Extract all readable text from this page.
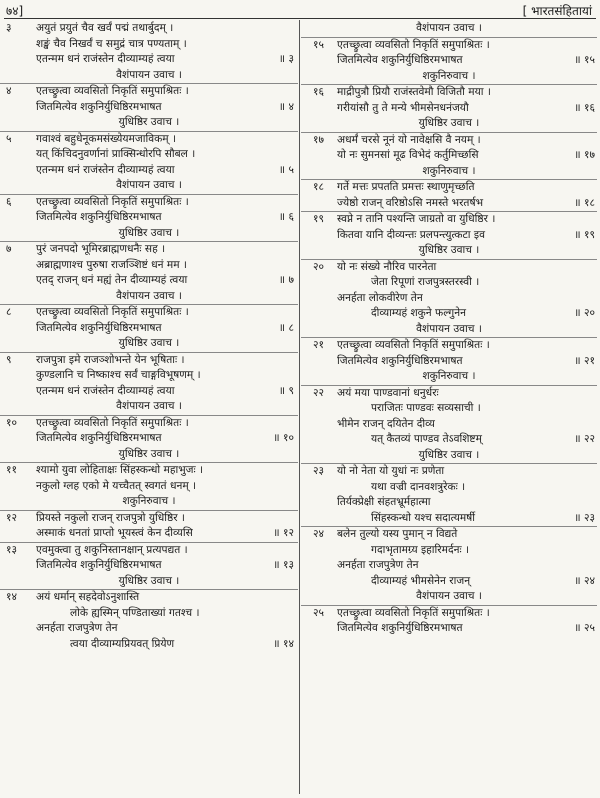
७४]	[ भारतसंहितायां
३ अयुतं प्रयुतं चैव खर्वं पद्मं तथार्बुदम् ।
शङ्खं चैव निखर्वं च समुद्रं चात्र पण्यताम् ।
एतन्मम धनं राजंस्तेन दीव्याम्यहं त्वया	॥ ३
वैशंपायन उवाच ।
४ एतच्छ्रुत्वा व्यवसितो निकृतिं समुपाश्रितः ।
जितमित्येव शकुनिर्युधिष्ठिरमभाषत	॥ ४
युधिष्ठिर उवाच ।
५ गवाश्वं बहुधेनूकमसंख्येयमजाविकम् ।
यत् किंचिदनुवर्णानां प्राक्सिन्धोरपि सौबल ।
एतन्मम धनं राजंस्तेन दीव्याम्यहं त्वया	॥ ५
वैशंपायन उवाच ।
६ एतच्छ्रुत्वा व्यवसितो निकृतिं समुपाश्रितः ।
जितमित्येव शकुनिर्युधिष्ठिरमभाषत	॥ ६
युधिष्ठिर उवाच ।
७ पुरं जनपदो भूमिरब्राह्मणधनैः सह ।
अब्राह्मणाश्च पुरुषा राजञ्शिष्टं धनं मम ।
एतद् राजन् धनं मह्यं तेन दीव्याम्यहं त्वया	॥ ७
वैशंपायन उवाच ।
८ एतच्छ्रुत्वा व्यवसितो निकृतिं समुपाश्रितः ।
जितमित्येव शकुनिर्युधिष्ठिरमभाषत	॥ ८
युधिष्ठिर उवाच ।
९ राजपुत्रा इमे राजञ्शोभन्ते येन भूषिताः ।
कुण्डलानि च निष्काश्च सर्वं चाङ्गविभूषणम् ।
एतन्मम धनं राजंस्तेन दीव्याम्यहं त्वया	॥ ९
वैशंपायन उवाच ।
१० एतच्छ्रुत्वा व्यवसितो निकृतिं समुपाश्रितः ।
जितमित्येव शकुनिर्युधिष्ठिरमभाषत	॥ १०
युधिष्ठिर उवाच ।
११ श्यामो युवा लोहिताक्षः सिंहस्कन्धो महाभुजः ।
नकुलो ग्लह एको मे यच्चैतत् स्वगतं धनम् ।
शकुनिरुवाच ।
१२ प्रियस्ते नकुलो राजन् राजपुत्रो युधिष्ठिर ।
अस्माकं धनतां प्राप्तो भूयस्त्वं केन दीव्यसि	॥ १२
१३ एवमुक्त्वा तु शकुनिस्तानक्षान् प्रत्यपद्यत ।
जितमित्येव शकुनिर्युधिष्ठिरमभाषत	॥ १३
युधिष्ठिर उवाच ।
१४ अयं धर्मान् सहदेवोऽनुशास्ति
लोके ह्यस्मिन् पण्डिताख्यां गतश्च ।
अनर्हता राजपुत्रेण तेन
त्वया दीव्याम्यप्रियवत् प्रियेण	॥ १४
वैशंपायन उवाच ।
१५ एतच्छ्रुत्वा व्यवसितो निकृतिं समुपाश्रितः ।
जितमित्येव शकुनिर्युधिष्ठिरमभाषत	॥ १५
शकुनिरुवाच ।
१६ माद्रीपुत्रौ प्रियौ राजंस्तवेमौ विजितौ मया ।
गरीयांसौ तु ते मन्ये भीमसेनधनंजयौ	॥ १६
युधिष्ठिर उवाच ।
१७ अधर्मं चरसे नूनं यो नावेक्षसि वै नयम् ।
यो नः सुमनसां मूढ विभेदं कर्तुमिच्छसि	॥ १७
शकुनिरुवाच ।
१८ गर्ते मत्तः प्रपतति प्रमत्तः स्थाणुमृच्छति
ज्येष्ठो राजन् वरिष्ठोऽसि नमस्ते भरतर्षभ	॥ १८
१९ स्वप्ने न तानि पश्यन्ति जाग्रतो वा युधिष्ठिर ।
कितवा यानि दीव्यन्तः प्रलपन्त्युत्कटा इव	॥ १९
युधिष्ठिर उवाच ।
२० यो नः संख्ये नौरिव पारनेता
जेता रिपूणां राजपुत्रस्तरस्वी ।
अनर्हता लोकवीरेण तेन
दीव्याम्यहं शकुने फल्गुनेन	॥ २०
वैशंपायन उवाच ।
२१ एतच्छ्रुत्वा व्यवसितो निकृतिं समुपाश्रितः ।
जितमित्येव शकुनिर्युधिष्ठिरमभाषत	॥ २१
शकुनिरुवाच ।
२२ अयं मया पाण्डवानां धनुर्धरः
पराजितः पाण्डवः सव्यसाची ।
भीमेन राजन् दयितेन दीव्य
यत् कैतव्यं पाण्डव तेऽवशिष्टम्	॥ २२
युधिष्ठिर उवाच ।
२३ यो नो नेता यो युधां नः प्रणेता
यथा वज्री दानवशत्रुरेकः ।
तिर्यक्प्रेक्षी संहतभ्रूर्महात्मा
सिंहस्कन्धो यश्च सदात्यमर्षी	॥ २३
२४ बलेन तुल्यो यस्य पुमान् न विद्यते
गदाभृतामग्र्य इहारिमर्दनः ।
अनर्हता राजपुत्रेण तेन
दीव्याम्यहं भीमसेनेन राजन्	॥ २४
वैशंपायन उवाच ।
२५ एतच्छ्रुत्वा व्यवसितो निकृतिं समुपाश्रितः ।
जितमित्येव शकुनिर्युधिष्ठिरमभाषत	॥ २५
